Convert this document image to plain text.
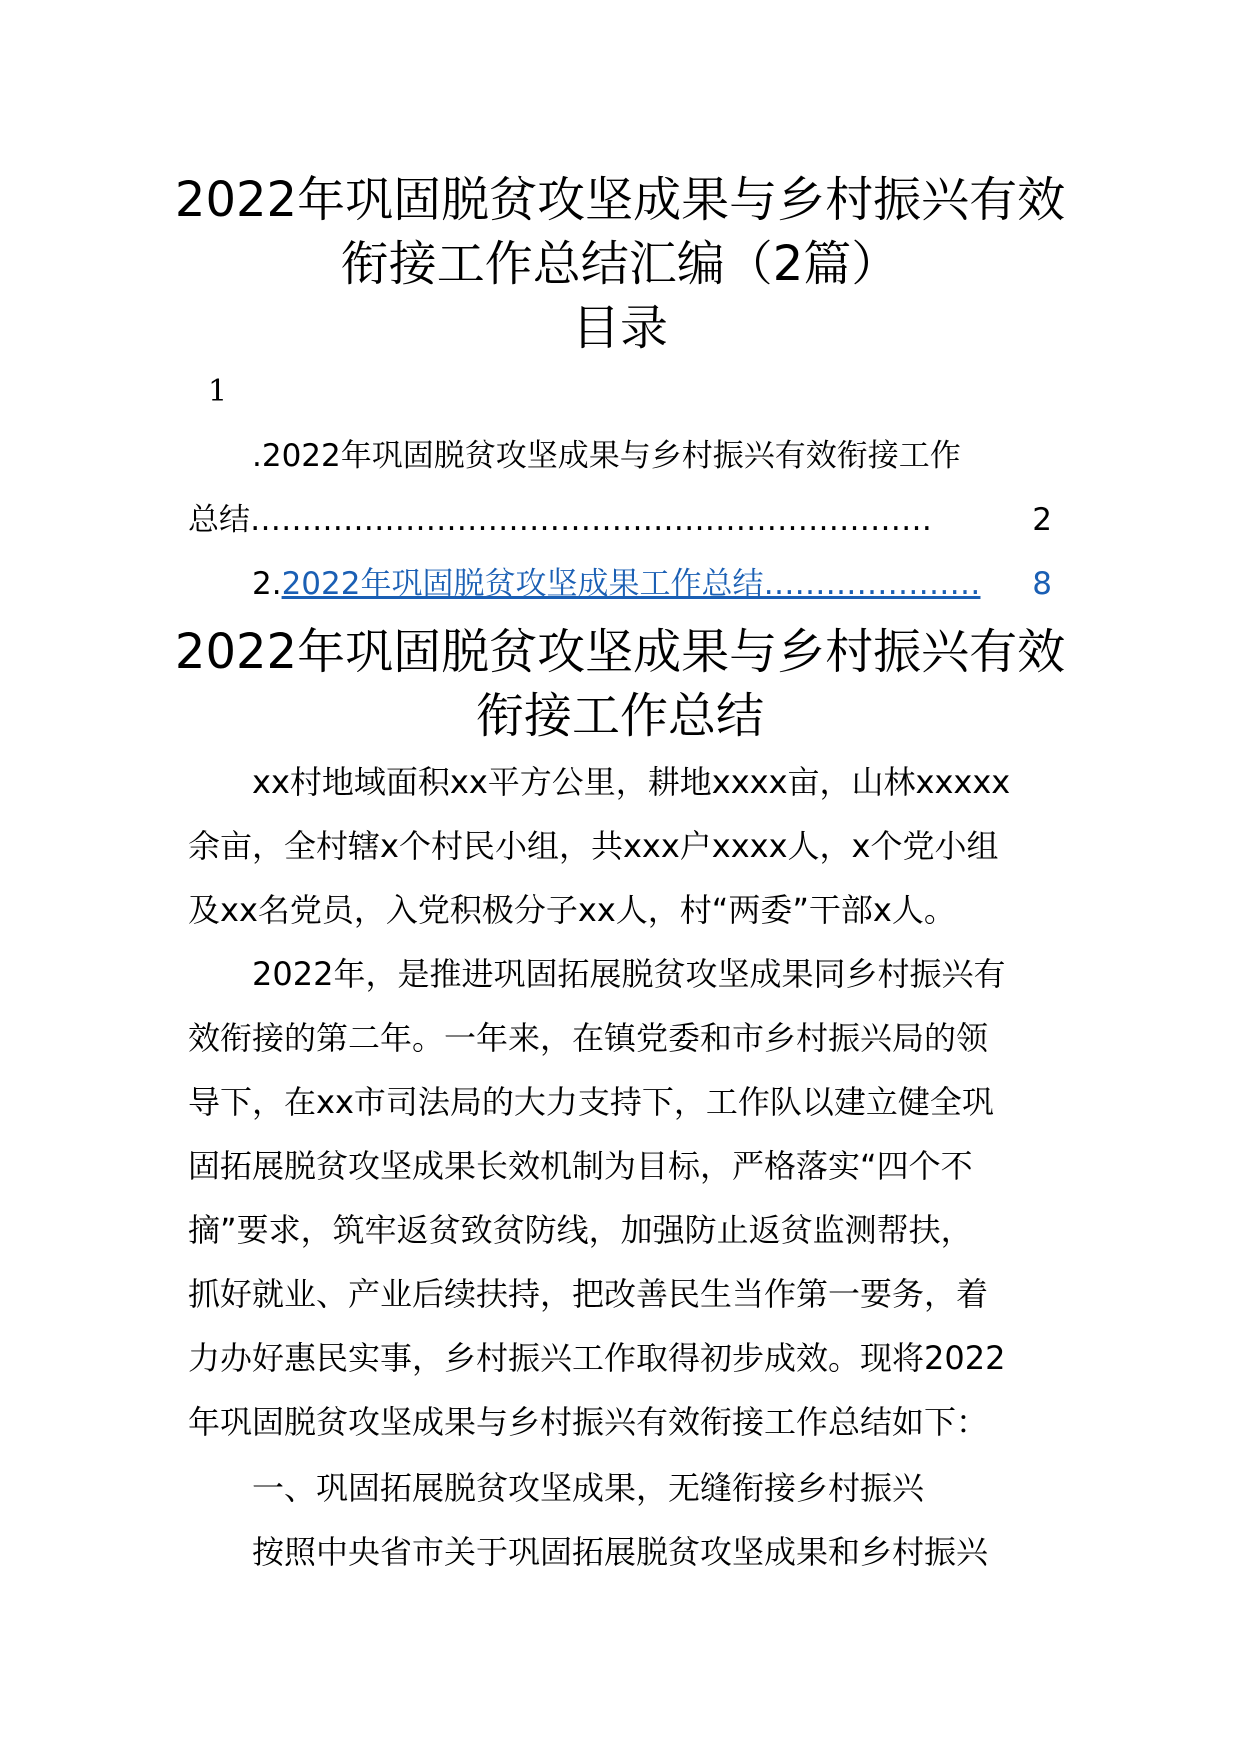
2022年巩固脱贫攻坚成果与乡村振兴有效
衔接工作总结汇编（2篇）
目录
1
.2022年巩固脱贫攻坚成果与乡村振兴有效衔接工作
总结…………………………………………………………	2
2.2022年巩固脱贫攻坚成果工作总结………………… 8
2022年巩固脱贫攻坚成果与乡村振兴有效
衔接工作总结
xx村地域面积xx平方公里，耕地xxxx亩，山林xxxxx
余亩，全村辖x个村民小组，共xxx户xxxx人，x个党小组
及xx名党员，入党积极分子xx人，村“两委”干部x人。
2022年，是推进巩固拓展脱贫攻坚成果同乡村振兴有
效衔接的第二年。一年来，在镇党委和市乡村振兴局的领
导下，在xx市司法局的大力支持下，工作队以建立健全巩
固拓展脱贫攻坚成果长效机制为目标，严格落实“四个不
摘”要求，筑牢返贫致贫防线，加强防止返贫监测帮扶，
抓好就业、产业后续扶持，把改善民生当作第一要务，着
力办好惠民实事，乡村振兴工作取得初步成效。现将2022
年巩固脱贫攻坚成果与乡村振兴有效衔接工作总结如下：
一、巩固拓展脱贫攻坚成果，无缝衔接乡村振兴
按照中央省市关于巩固拓展脱贫攻坚成果和乡村振兴
